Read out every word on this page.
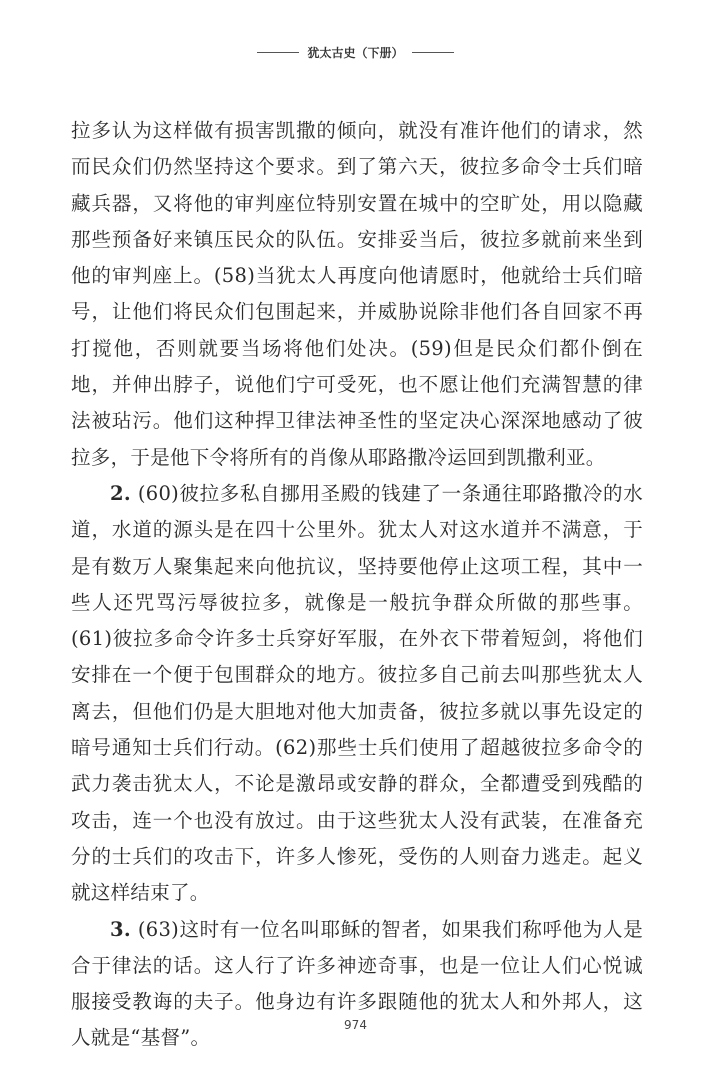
犹太古史（下册）

拉多认为这样做有损害凯撒的倾向，就没有准许他们的请求，然而民众们仍然坚持这个要求。到了第六天，彼拉多命令士兵们暗藏兵器，又将他的审判座位特别安置在城中的空旷处，用以隐藏那些预备好来镇压民众的队伍。安排妥当后，彼拉多就前来坐到他的审判座上。(58)当犹太人再度向他请愿时，他就给士兵们暗号，让他们将民众们包围起来，并威胁说除非他们各自回家不再打搅他，否则就要当场将他们处决。(59)但是民众们都仆倒在地，并伸出脖子，说他们宁可受死，也不愿让他们充满智慧的律法被玷污。他们这种捍卫律法神圣性的坚定决心深深地感动了彼拉多，于是他下令将所有的肖像从耶路撒冷运回到凯撒利亚。

2. (60)彼拉多私自挪用圣殿的钱建了一条通往耶路撒冷的水道，水道的源头是在四十公里外。犹太人对这水道并不满意，于是有数万人聚集起来向他抗议，坚持要他停止这项工程，其中一些人还咒骂污辱彼拉多，就像是一般抗争群众所做的那些事。(61)彼拉多命令许多士兵穿好军服，在外衣下带着短剑，将他们安排在一个便于包围群众的地方。彼拉多自己前去叫那些犹太人离去，但他们仍是大胆地对他大加责备，彼拉多就以事先设定的暗号通知士兵们行动。(62)那些士兵们使用了超越彼拉多命令的武力袭击犹太人，不论是激昂或安静的群众，全都遭受到残酷的攻击，连一个也没有放过。由于这些犹太人没有武装，在准备充分的士兵们的攻击下，许多人惨死，受伤的人则奋力逃走。起义就这样结束了。

3. (63)这时有一位名叫耶稣的智者，如果我们称呼他为人是合于律法的话。这人行了许多神迹奇事，也是一位让人们心悦诚服接受教诲的夫子。他身边有许多跟随他的犹太人和外邦人，这人就是“基督”。

974
